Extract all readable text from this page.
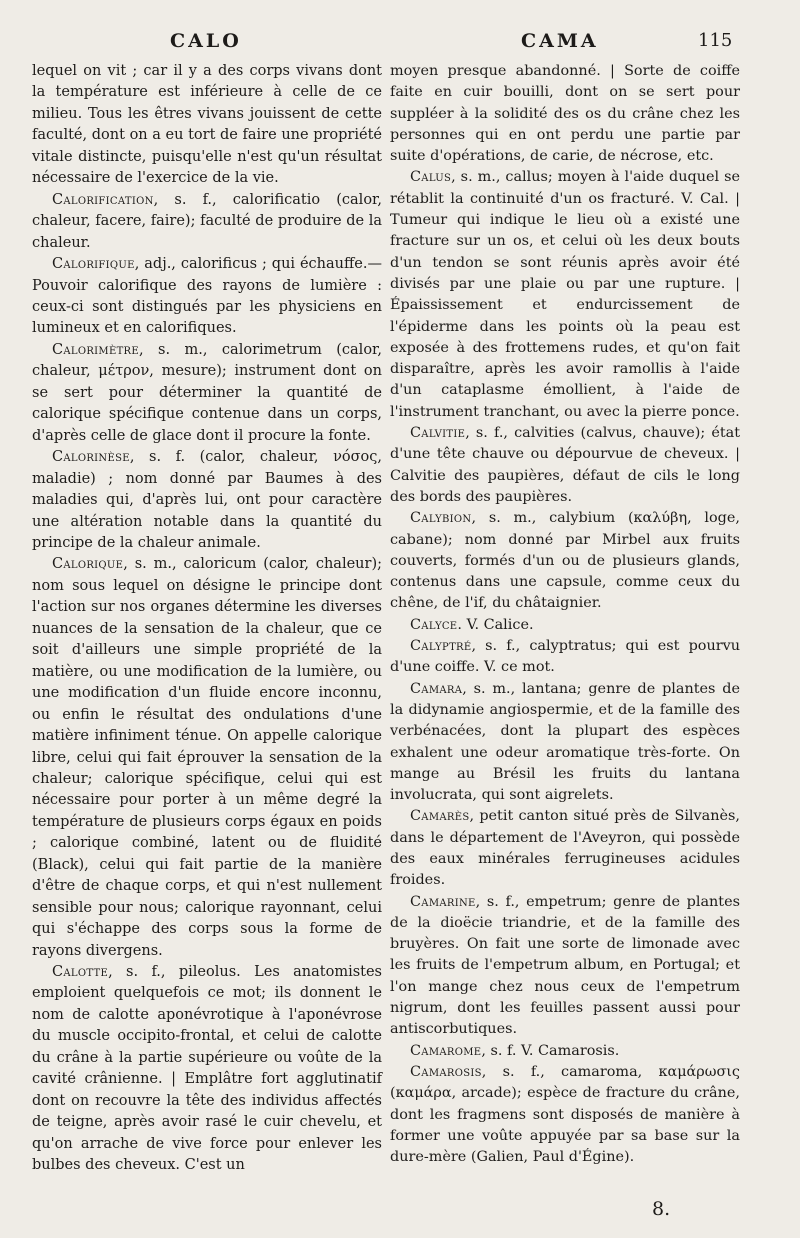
CALO	CAMA	115

lequel on vit ; car il y a des corps vivans dont la température est inférieure à celle de ce milieu. Tous les êtres vivans jouissent de cette faculté, dont on a eu tort de faire une propriété vitale distincte, puisqu'elle n'est qu'un résultat nécessaire de l'exercice de la vie.

Calorification, s. f., calorificatio (calor, chaleur, facere, faire); faculté de produire de la chaleur.

Calorifique, adj., calorificus ; qui échauffe.—Pouvoir calorifique des rayons de lumière : ceux-ci sont distingués par les physiciens en lumineux et en calorifiques.

Calorimètre, s. m., calorimetrum (calor, chaleur, μέτρον, mesure); instrument dont on se sert pour déterminer la quantité de calorique spécifique contenue dans un corps, d'après celle de glace dont il procure la fonte.

Calorinèse, s. f. (calor, chaleur, νόσος, maladie) ; nom donné par Baumes à des maladies qui, d'après lui, ont pour caractère une altération notable dans la quantité du principe de la chaleur animale.

Calorique, s. m., caloricum (calor, chaleur); nom sous lequel on désigne le principe dont l'action sur nos organes détermine les diverses nuances de la sensation de la chaleur, que ce soit d'ailleurs une simple propriété de la matière, ou une modification de la lumière, ou une modification d'un fluide encore inconnu, ou enfin le résultat des ondulations d'une matière infiniment ténue. On appelle calorique libre, celui qui fait éprouver la sensation de la chaleur; calorique spécifique, celui qui est nécessaire pour porter à un même degré la température de plusieurs corps égaux en poids ; calorique combiné, latent ou de fluidité (Black), celui qui fait partie de la manière d'être de chaque corps, et qui n'est nullement sensible pour nous; calorique rayonnant, celui qui s'échappe des corps sous la forme de rayons divergens.

Calotte, s. f., pileolus. Les anatomistes emploient quelquefois ce mot; ils donnent le nom de calotte aponévrotique à l'aponévrose du muscle occipito-frontal, et celui de calotte du crâne à la partie supérieure ou voûte de la cavité crânienne. | Emplâtre fort agglutinatif dont on recouvre la tête des individus affectés de teigne, après avoir rasé le cuir chevelu, et qu'on arrache de vive force pour enlever les bulbes des cheveux. C'est un

moyen presque abandonné. | Sorte de coiffe faite en cuir bouilli, dont on se sert pour suppléer à la solidité des os du crâne chez les personnes qui en ont perdu une partie par suite d'opérations, de carie, de nécrose, etc.

Calus, s. m., callus; moyen à l'aide duquel se rétablit la continuité d'un os fracturé. V. Cal. | Tumeur qui indique le lieu où a existé une fracture sur un os, et celui où les deux bouts d'un tendon se sont réunis après avoir été divisés par une plaie ou par une rupture. | Épaississement et endurcissement de l'épiderme dans les points où la peau est exposée à des frottemens rudes, et qu'on fait disparaître, après les avoir ramollis à l'aide d'un cataplasme émollient, à l'aide de l'instrument tranchant, ou avec la pierre ponce.

Calvitie, s. f., calvities (calvus, chauve); état d'une tête chauve ou dépourvue de cheveux. | Calvitie des paupières, défaut de cils le long des bords des paupières.

Calybion, s. m., calybium (καλύβη, loge, cabane); nom donné par Mirbel aux fruits couverts, formés d'un ou de plusieurs glands, contenus dans une capsule, comme ceux du chêne, de l'if, du châtaignier.

Calyce. V. Calice.

Calyptré, s. f., calyptratus; qui est pourvu d'une coiffe. V. ce mot.

Camara, s. m., lantana; genre de plantes de la didynamie angiospermie, et de la famille des verbénacées, dont la plupart des espèces exhalent une odeur aromatique très-forte. On mange au Brésil les fruits du lantana involucrata, qui sont aigrelets.

Camarès, petit canton situé près de Silvanès, dans le département de l'Aveyron, qui possède des eaux minérales ferrugineuses acidules froides.

Camarine, s. f., empetrum; genre de plantes de la dioëcie triandrie, et de la famille des bruyères. On fait une sorte de limonade avec les fruits de l'empetrum album, en Portugal; et l'on mange chez nous ceux de l'empetrum nigrum, dont les feuilles passent aussi pour antiscorbutiques.

Camarome, s. f. V. Camarosis.

Camarosis, s. f., camaroma, καμάρωσις (καμάρα, arcade); espèce de fracture du crâne, dont les fragmens sont disposés de manière à former une voûte appuyée par sa base sur la dure-mère (Galien, Paul d'Égine).

8.
